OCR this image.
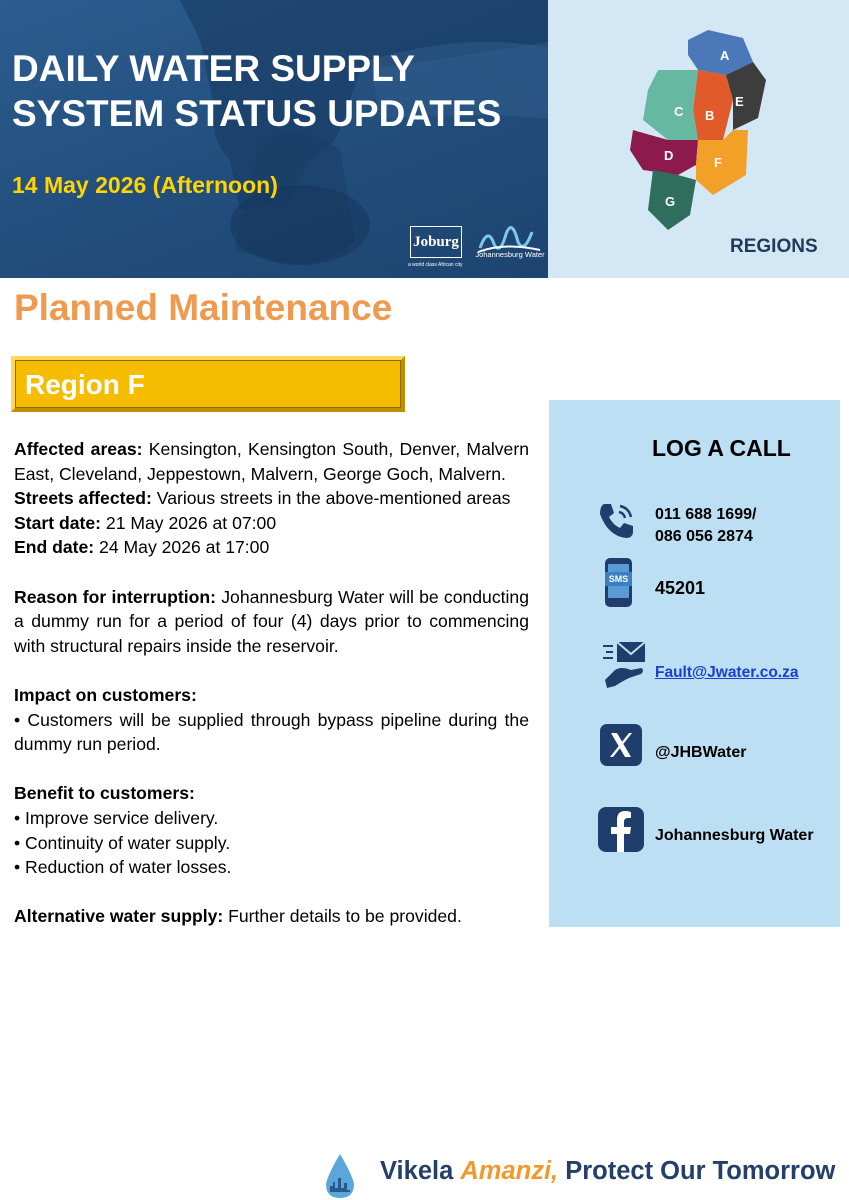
DAILY WATER SUPPLY
SYSTEM STATUS UPDATES
14 May 2026 (Afternoon)
Joburg
a world class African city
Johannesburg Water
A
B
C
D
E
F
G
REGIONS
Planned Maintenance
Region F

Affected areas: Kensington, Kensington South, Denver, Malvern East, Cleveland, Jeppestown, Malvern, George Goch, Malvern.

Streets affected: Various streets in the above-mentioned areas

Start date: 21 May 2026 at 07:00

End date: 24 May 2026 at 17:00

Reason for interruption: Johannesburg Water will be conducting a dummy run for a period of four (4) days prior to commencing with structural repairs inside the reservoir.

Impact on customers:

• Customers will be supplied through bypass pipeline during the dummy run period.

Benefit to customers:

• Improve service delivery.

• Continuity of water supply.

• Reduction of water losses.

Alternative water supply: Further details to be provided.

LOG A CALL
011 688 1699/
086 056 2874
SMS 45201
Fault@Jwater.co.za
@JHBWater
Johannesburg Water
Vikela Amanzi, Protect Our Tomorrow
